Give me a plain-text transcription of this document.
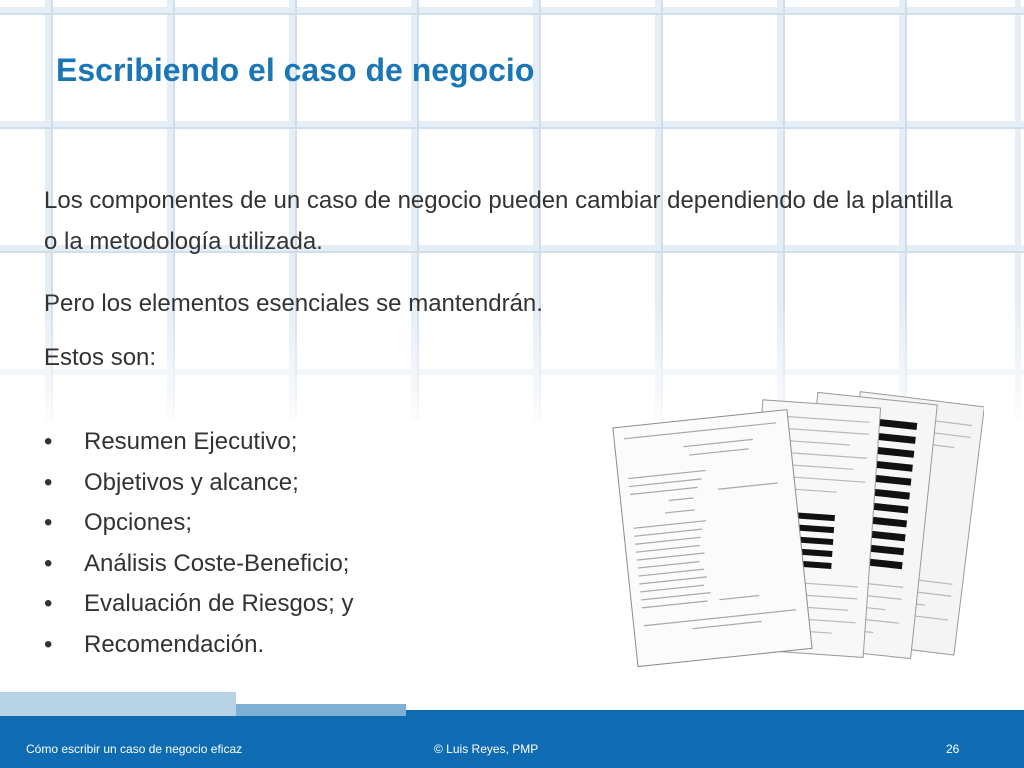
Escribiendo el caso de negocio

•	Resumen Ejecutivo;
•	Objetivos y alcance;
•	Opciones;
•	Análisis Coste-Beneficio;
•	Evaluación de Riesgos; y
•	Recomendación.
Cómo escribir un caso de negocio eficaz	© Luis Reyes, PMP	26
